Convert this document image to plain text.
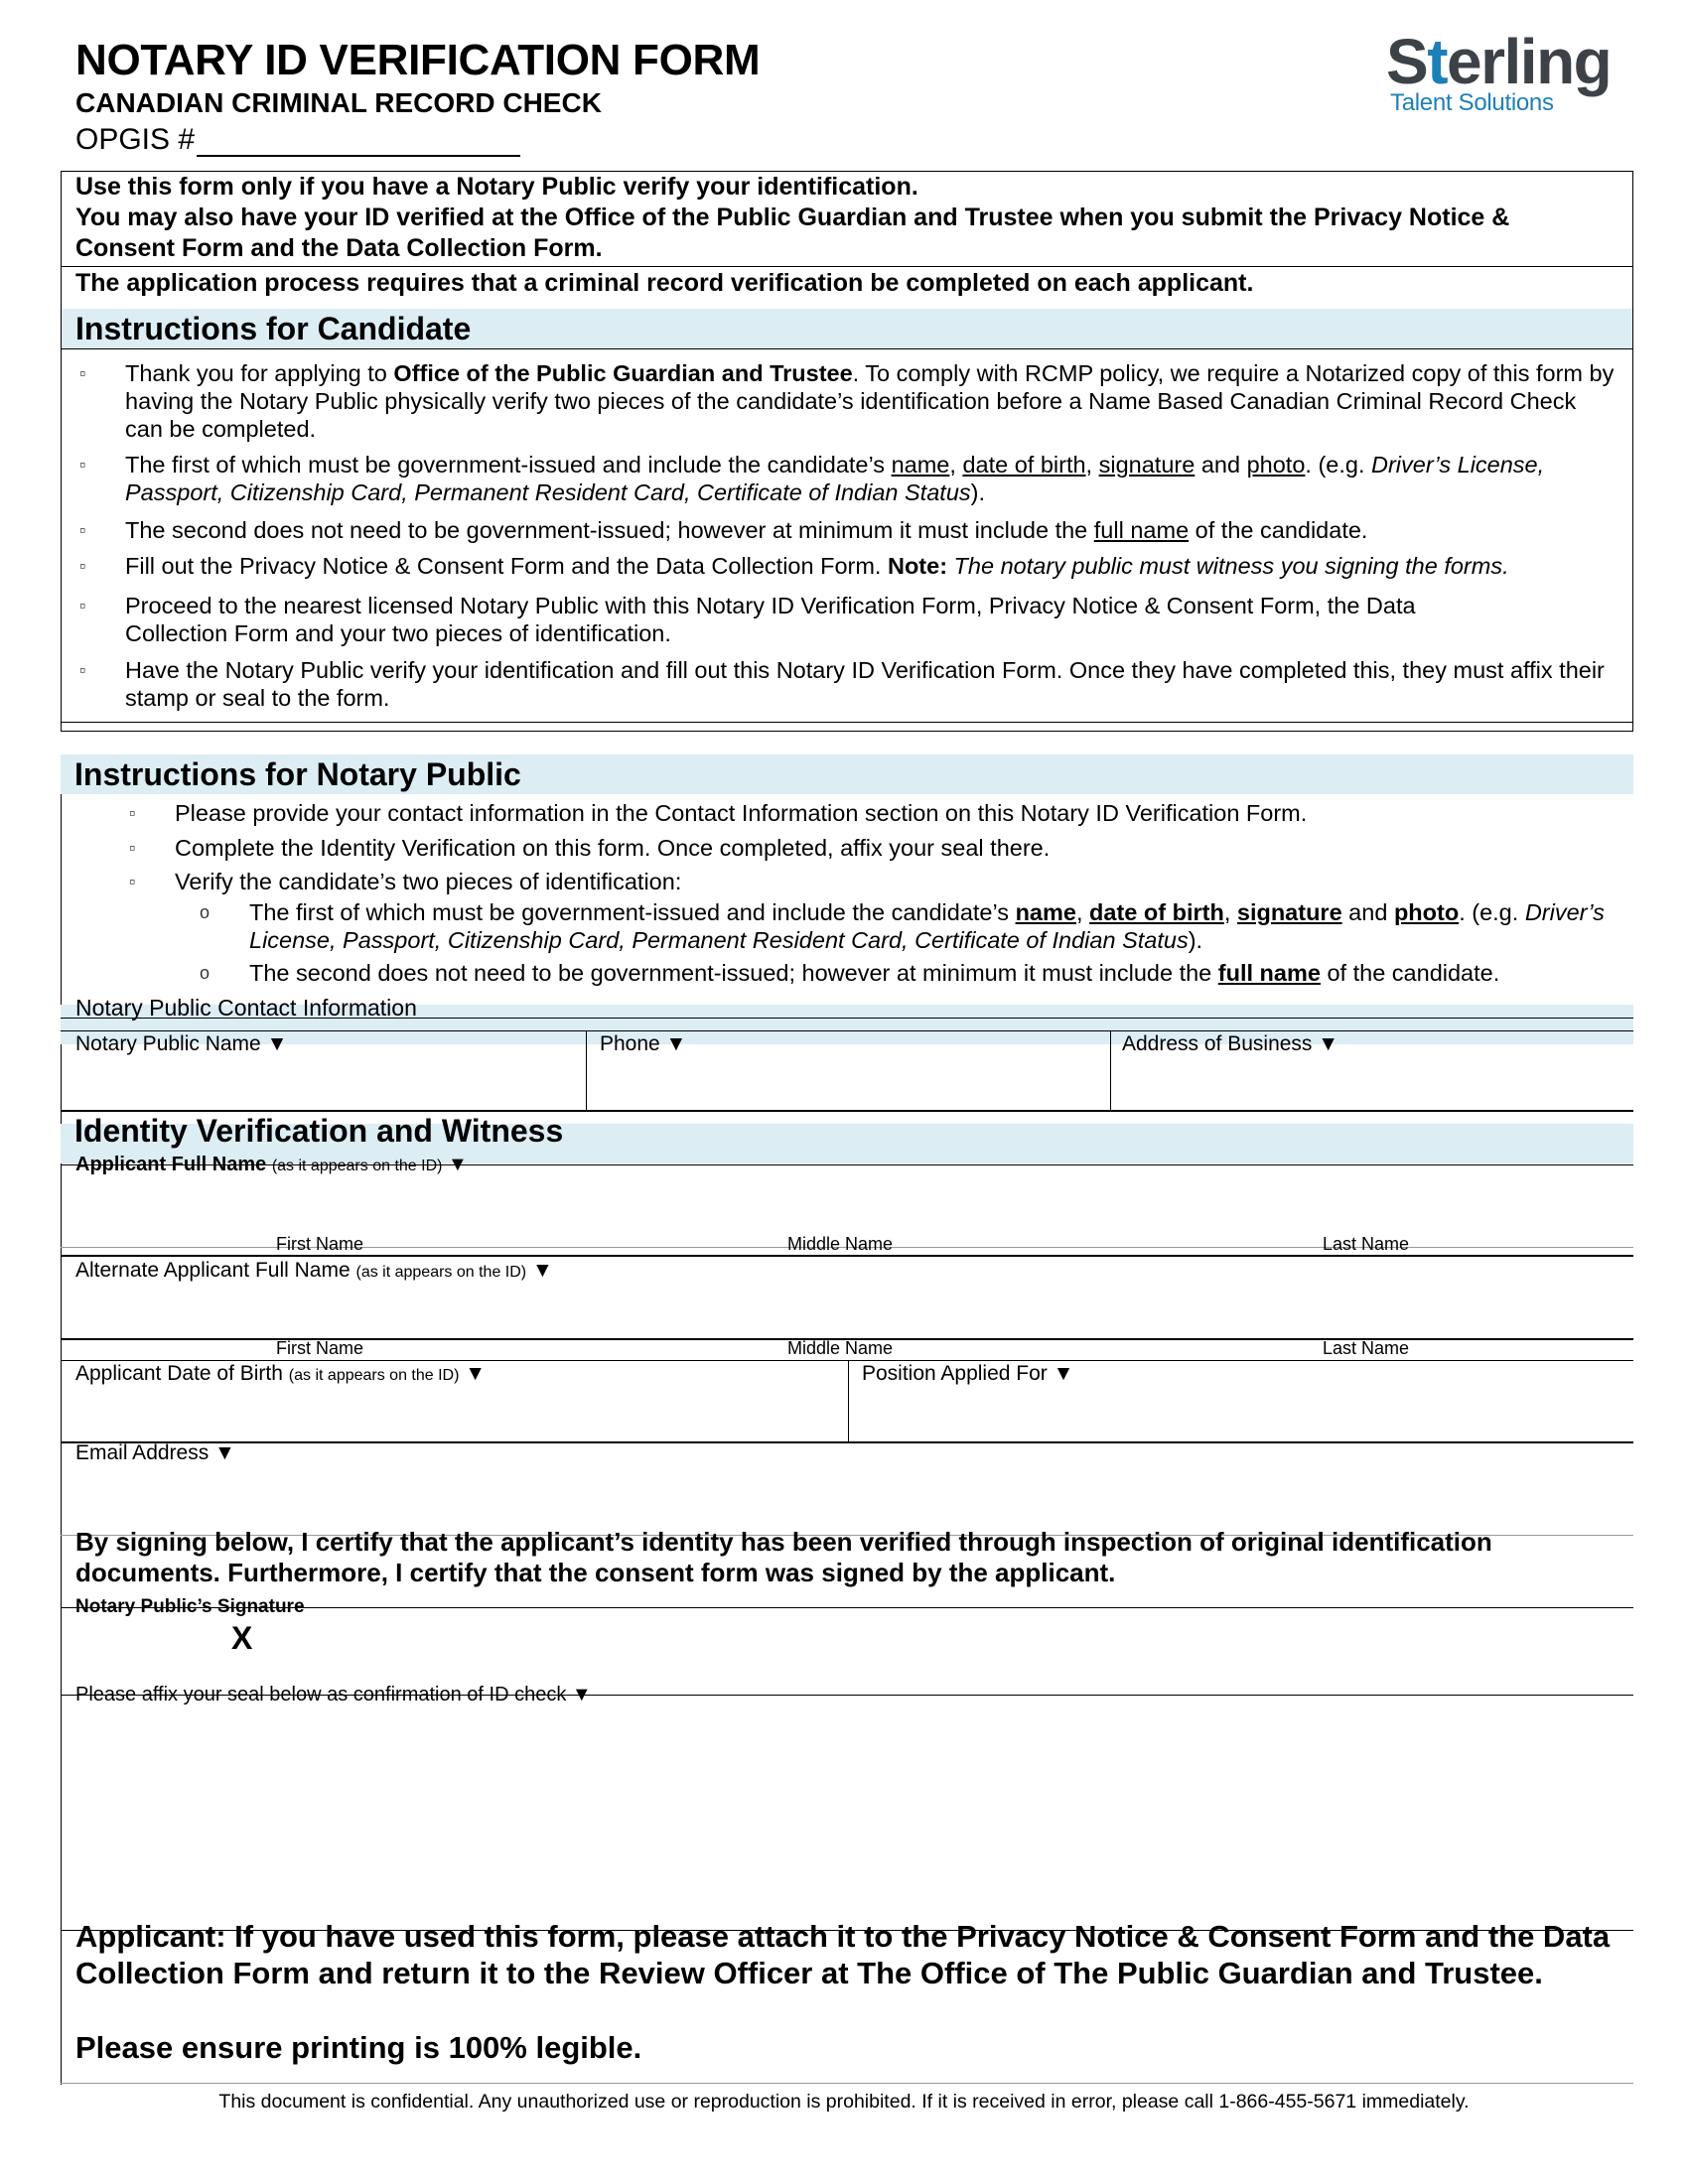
NOTARY ID VERIFICATION FORM
CANADIAN CRIMINAL RECORD CHECK
OPGIS #
Sterling
Talent Solutions

Use this form only if you have a Notary Public verify your identification.

You may also have your ID verified at the Office of the Public Guardian and Trustee when you submit the Privacy Notice & Consent Form and the Data Collection Form.

The application process requires that a criminal record verification be completed on each applicant.

Instructions for Candidate
▫ Thank you for applying to Office of the Public Guardian and Trustee. To comply with RCMP policy, we require a Notarized copy of this form by having the Notary Public physically verify two pieces of the candidate’s identification before a Name Based Canadian Criminal Record Check can be completed.
▫ The first of which must be government-issued and include the candidate’s name, date of birth, signature and photo. (e.g. Driver’s License, Passport, Citizenship Card, Permanent Resident Card, Certificate of Indian Status).
▫ The second does not need to be government-issued; however at minimum it must include the full name of the candidate.
▫ Fill out the Privacy Notice & Consent Form and the Data Collection Form. Note: The notary public must witness you signing the forms.
▫ Proceed to the nearest licensed Notary Public with this Notary ID Verification Form, Privacy Notice & Consent Form, the Data Collection Form and your two pieces of identification.
▫ Have the Notary Public verify your identification and fill out this Notary ID Verification Form. Once they have completed this, they must affix their stamp or seal to the form.
Instructions for Notary Public
▫ Please provide your contact information in the Contact Information section on this Notary ID Verification Form.
▫ Complete the Identity Verification on this form. Once completed, affix your seal there.
▫ Verify the candidate’s two pieces of identification:
o The first of which must be government-issued and include the candidate’s name, date of birth, signature and photo. (e.g. Driver’s License, Passport, Citizenship Card, Permanent Resident Card, Certificate of Indian Status).
o The second does not need to be government-issued; however at minimum it must include the full name of the candidate.
Notary Public Contact Information
Notary Public Name ▼	Phone ▼	Address of Business ▼
Identity Verification and Witness
Applicant Full Name (as it appears on the ID) ▼
First Name	Middle Name	Last Name
Alternate Applicant Full Name (as it appears on the ID) ▼
First Name	Middle Name	Last Name
Applicant Date of Birth (as it appears on the ID) ▼	Position Applied For ▼
Email Address ▼
By signing below, I certify that the applicant’s identity has been verified through inspection of original identification documents. Furthermore, I certify that the consent form was signed by the applicant.
Notary Public’s Signature
X
Please affix your seal below as confirmation of ID check ▼
Applicant: If you have used this form, please attach it to the Privacy Notice & Consent Form and the Data Collection Form and return it to the Review Officer at The Office of The Public Guardian and Trustee.
Please ensure printing is 100% legible.
This document is confidential. Any unauthorized use or reproduction is prohibited. If it is received in error, please call 1-866-455-5671 immediately.
